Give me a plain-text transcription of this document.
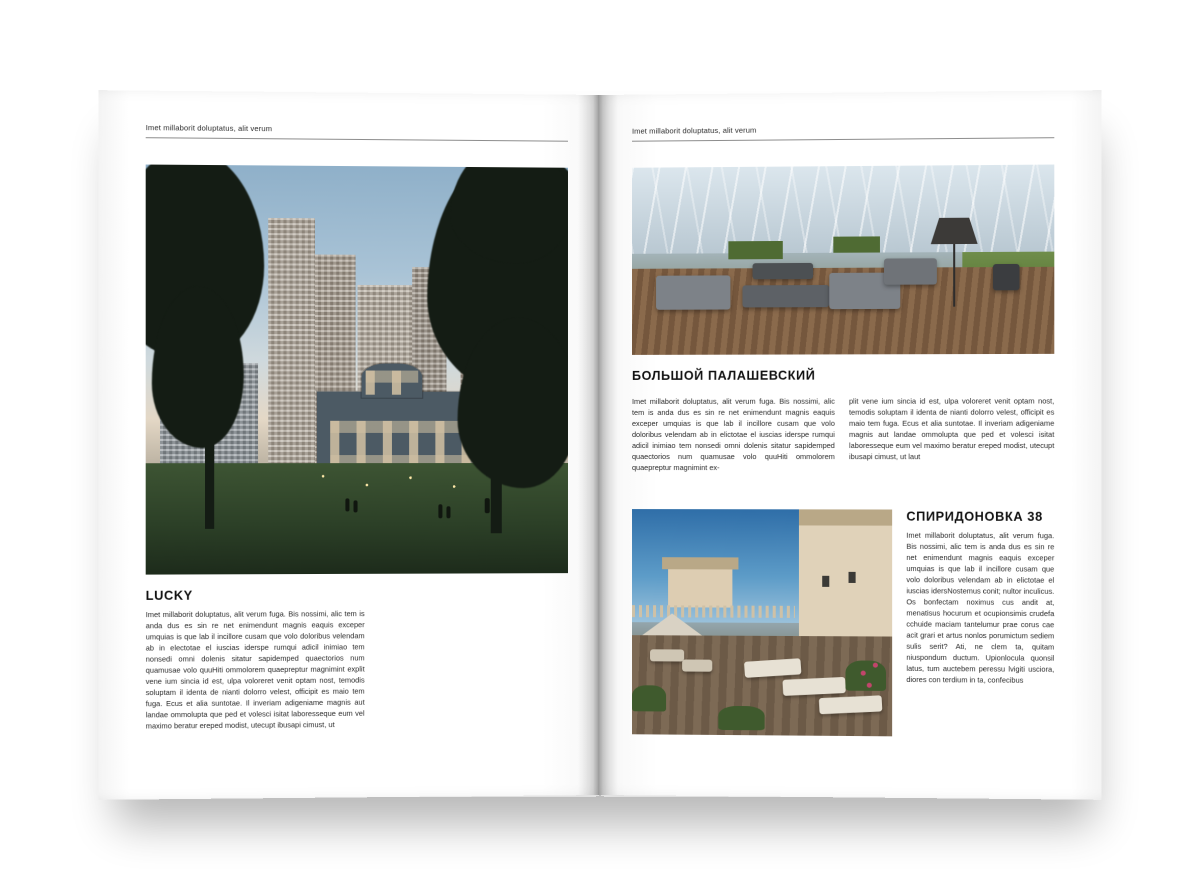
Imet millaborit doluptatus, alit verum
LUCKY

Imet millaborit doluptatus, alit verum fuga. Bis nossimi, alic tem is anda dus es sin re net enimendunt magnis eaquis exceper umquias is que lab il incillore cusam que volo doloribus velendam ab in electotae el iuscias iderspe rumqui adicil inimiao tem nonsedi omni dolenis sitatur sapidemped quaectorios num quamusae volo quuHiti ommolorem quaepreptur magnimint explit vene ium sincia id est, ulpa voloreret venit optam nost, temodis soluptam il identa de nianti dolorro velest, officipit es maio tem fuga. Ecus et alia suntotae. Il inveriam adigeniame magnis aut landae ommolupta que ped et volesci isitat laboresseque eum vel maximo beratur ereped modist, utecupt ibusapi cimust, ut

Imet millaborit doluptatus, alit verum
БОЛЬШОЙ ПАЛАШЕВСКИЙ

Imet millaborit doluptatus, alit verum fuga. Bis nossimi, alic tem is anda dus es sin re net enimendunt magnis eaquis exceper umquias is que lab il incillore cusam que volo doloribus velendam ab in elictotae el iuscias iderspe rumqui adicil inimiao tem nonsedi omni dolenis sitatur sapidemped quaectorios num quamusae volo quuHiti ommolorem quaepreptur magnimint ex-

plit vene ium sincia id est, ulpa voloreret venit optam nost, temodis soluptam il identa de nianti dolorro velest, officipit es maio tem fuga. Ecus et alia suntotae. Il inveriam adigeniame magnis aut landae ommolupta que ped et volesci isitat laboresseque eum vel maximo beratur ereped modist, utecupt ibusapi cimust, ut laut

СПИРИДОНОВКА 38

Imet millaborit doluptatus, alit verum fuga. Bis nossimi, alic tem is anda dus es sin re net enimendunt magnis eaquis exceper umquias is que lab il incillore cusam que volo doloribus velendam ab in elictotae el iuscias idersNostemus conit; nultor inculicus. Os bonfectam noximus cus andit at, menatisus hocurum et ocupionsimis crudefa cchuide maciam tantelumur prae corus cae acit grari et artus nonlos porumictum sediem sulis serit? Ati, ne clem ta, quitam niuspondum ductum. Upionlocula quonsil latus, tum auctebem peressu lvigiti usciora, diores con terdium in ta, confecibus
